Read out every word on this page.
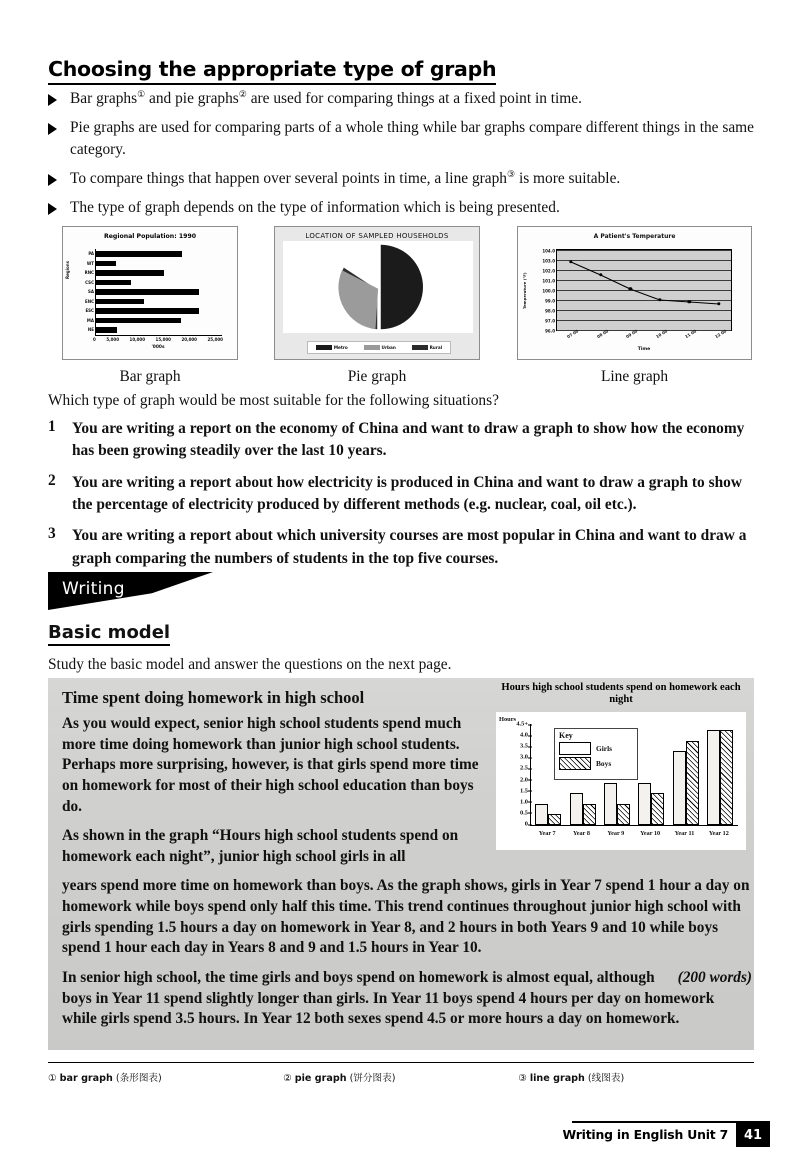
Choosing the appropriate type of graph
Bar graphs① and pie graphs② are used for comparing things at a fixed point in time.
Pie graphs are used for comparing parts of a whole thing while bar graphs compare different things in the same category.
To compare things that happen over several points in time, a line graph③ is more suitable.
The type of graph depends on the type of information which is being presented.
Regional Population: 1990
Regions
PA
WT
RNC
CSC
SA
ENC
ESC
MA
NE
0	5,000	10,000	15,000	20,000	25,000
'000s
LOCATION OF SAMPLED HOUSEHOLDS
Metro	Urban	Rural
A Patient's Temperature
Temperature (°F)
104.0
103.0
102.0
101.0
100.0
99.0
98.0
97.0
96.0	07 00	08 00	09 00	10 00	11 00	12 00
Time
Bar graph	Pie graph	Line graph
Which type of graph would be most suitable for the following situations?
1	You are writing a report on the economy of China and want to draw a graph to show how the economy has been growing steadily over the last 10 years.
2	You are writing a report about how electricity is produced in China and want to draw a graph to show the percentage of electricity produced by different methods (e.g. nuclear, coal, oil etc.).
3	You are writing a report about which university courses are most popular in China and want to draw a graph comparing the numbers of students in the top five courses.
Writing
Basic model
Study the basic model and answer the questions on the next page.
Time spent doing homework in high school

As you would expect, senior high school students spend much more time doing homework than junior high school students. Perhaps more surprising, however, is that girls spend more time on homework for most of their high school education than boys do.

As shown in the graph “Hours high school students spend on homework each night”, junior high school girls in all

years spend more time on homework than boys. As the graph shows, girls in Year 7 spend 1 hour a day on homework while boys spend only half this time. This trend continues throughout junior high school with girls spending 1.5 hours a day on homework in Year 8, and 2 hours in both Years 9 and 10 while boys spend 1 hour each day in Years 8 and 9 and 1.5 hours in Year 10.

(200 words)
In senior high school, the time girls and boys spend on homework is almost equal, although boys in Year 11 spend slightly longer than girls. In Year 11 boys spend 4 hours per day on homework while girls spend 3.5 hours. In Year 12 both sexes spend 4.5 or more hours a day on homework.

Hours high school students spend on homework each night
Hours
0
0.5
1.0
1.5
2.0
2.5
3.0
3.5
4.0
4.5+
Year 7	Year 8	Year 9	Year 10	Year 11	Year 12
Key
Girls
Boys
① bar graph (条形图表)	② pie graph (饼分图表)	③ line graph (线图表)
Writing in English Unit 7	41
